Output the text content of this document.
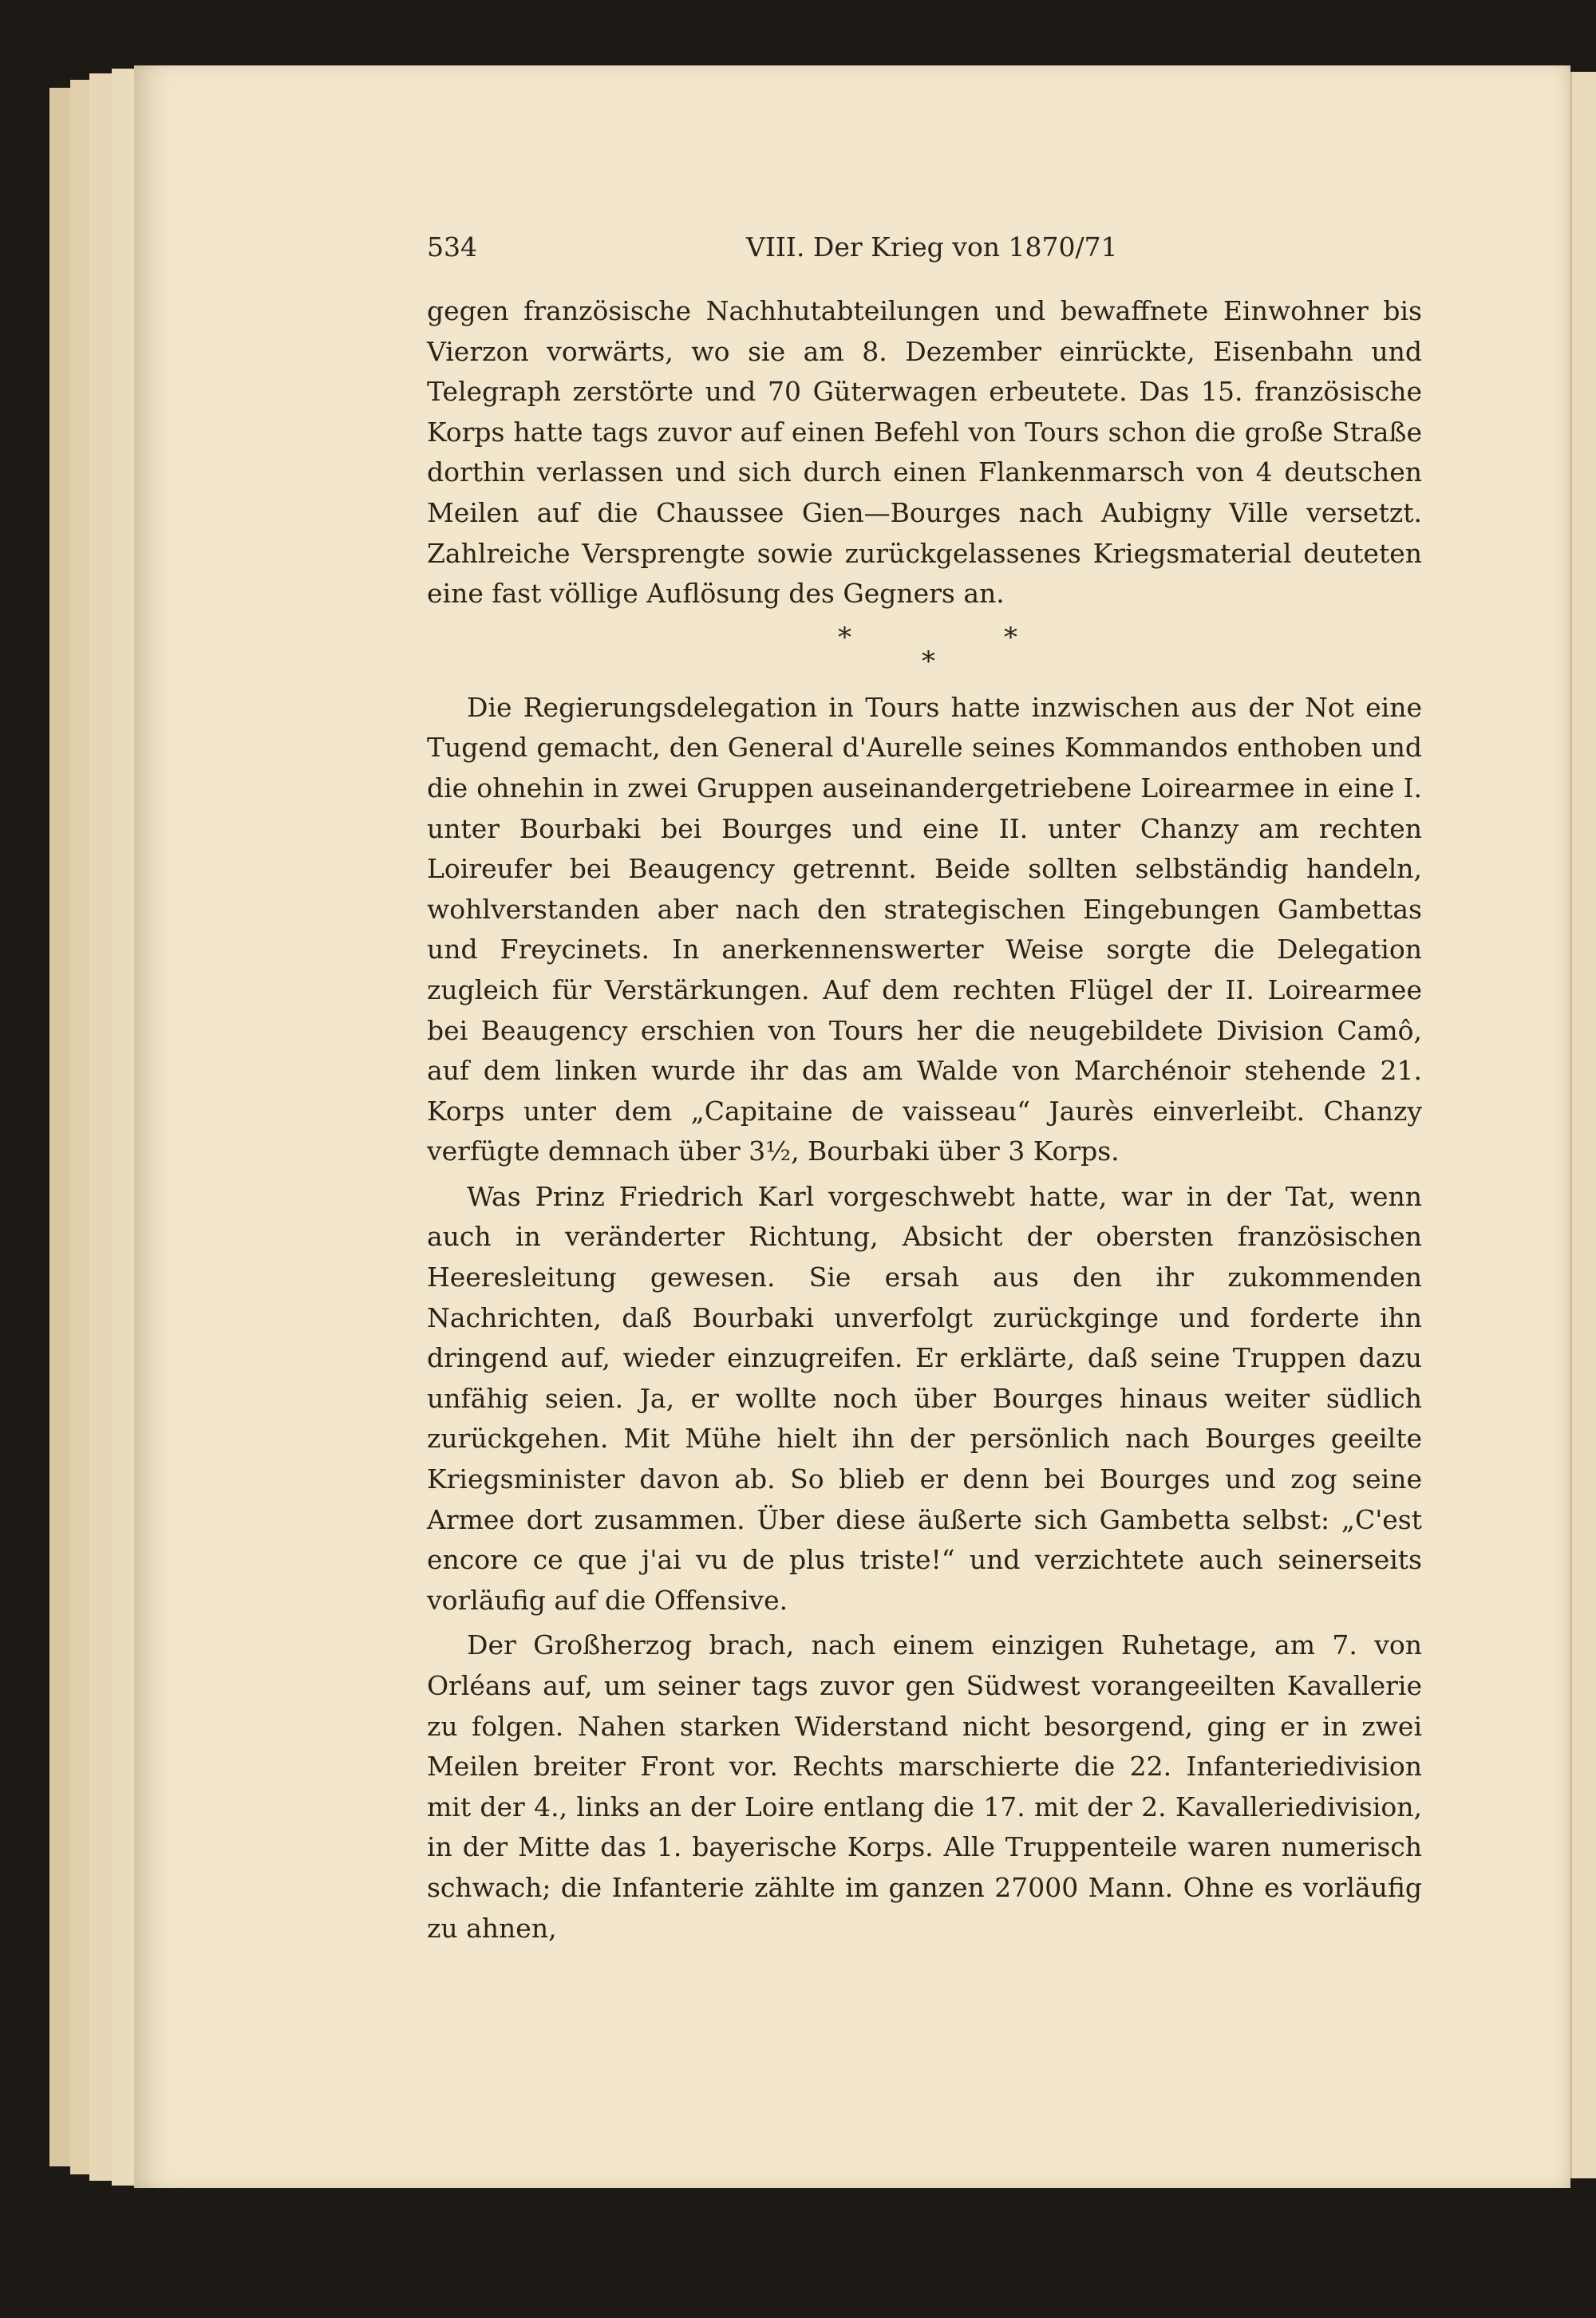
534	VIII. Der Krieg von 1870/71

gegen französische Nachhutabteilungen und bewaffnete Einwohner bis Vierzon vorwärts, wo sie am 8. Dezember einrückte, Eisenbahn und Telegraph zerstörte und 70 Güterwagen erbeutete. Das 15. französische Korps hatte tags zuvor auf einen Befehl von Tours schon die große Straße dorthin verlassen und sich durch einen Flankenmarsch von 4 deutschen Meilen auf die Chaussee Gien—Bourges nach Aubigny Ville versetzt. Zahlreiche Versprengte sowie zurückgelassenes Kriegsmaterial deuteten eine fast völlige Auflösung des Gegners an.

*
*
*

Die Regierungsdelegation in Tours hatte inzwischen aus der Not eine Tugend gemacht, den General d'Aurelle seines Kommandos enthoben und die ohnehin in zwei Gruppen auseinandergetriebene Loirearmee in eine I. unter Bourbaki bei Bourges und eine II. unter Chanzy am rechten Loireufer bei Beaugency getrennt. Beide sollten selbständig handeln, wohlverstanden aber nach den strategischen Eingebungen Gambettas und Freycinets. In anerkennenswerter Weise sorgte die Delegation zugleich für Verstärkungen. Auf dem rechten Flügel der II. Loirearmee bei Beaugency erschien von Tours her die neugebildete Division Camô, auf dem linken wurde ihr das am Walde von Marchénoir stehende 21. Korps unter dem „Capitaine de vaisseau“ Jaurès einverleibt. Chanzy verfügte demnach über 3½, Bourbaki über 3 Korps.

Was Prinz Friedrich Karl vorgeschwebt hatte, war in der Tat, wenn auch in veränderter Richtung, Absicht der obersten französischen Heeresleitung gewesen. Sie ersah aus den ihr zukommenden Nachrichten, daß Bourbaki unverfolgt zurückginge und forderte ihn dringend auf, wieder einzugreifen. Er erklärte, daß seine Truppen dazu unfähig seien. Ja, er wollte noch über Bourges hinaus weiter südlich zurückgehen. Mit Mühe hielt ihn der persönlich nach Bourges geeilte Kriegsminister davon ab. So blieb er denn bei Bourges und zog seine Armee dort zusammen. Über diese äußerte sich Gambetta selbst: „C'est encore ce que j'ai vu de plus triste!“ und verzichtete auch seinerseits vorläufig auf die Offensive.

Der Großherzog brach, nach einem einzigen Ruhetage, am 7. von Orléans auf, um seiner tags zuvor gen Südwest vorangeeilten Kavallerie zu folgen. Nahen starken Widerstand nicht besorgend, ging er in zwei Meilen breiter Front vor. Rechts marschierte die 22. Infanteriedivision mit der 4., links an der Loire entlang die 17. mit der 2. Kavalleriedivision, in der Mitte das 1. bayerische Korps. Alle Truppenteile waren numerisch schwach; die Infanterie zählte im ganzen 27000 Mann. Ohne es vorläufig zu ahnen,
